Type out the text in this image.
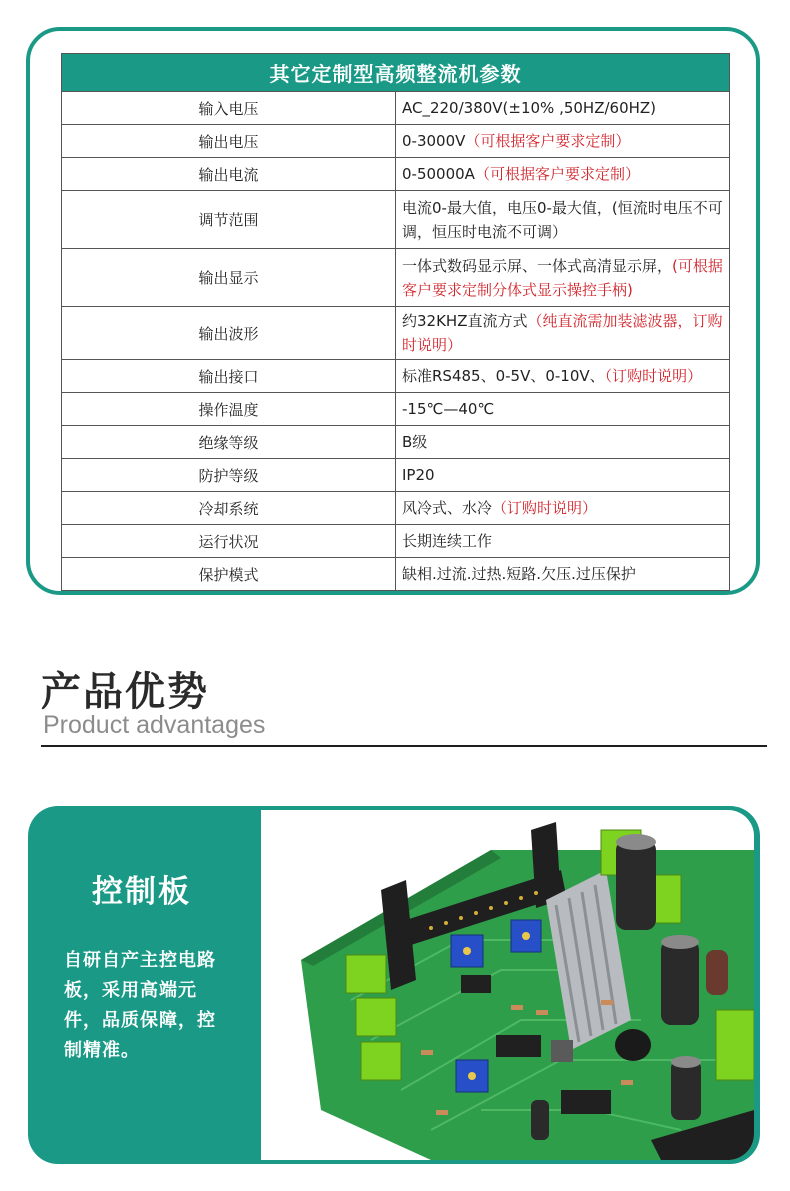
其它定制型高频整流机参数	
输入电压	AC_220/380V(±10% ,50HZ/60HZ)
输出电压	0-3000V（可根据客户要求定制）
输出电流	0-50000A（可根据客户要求定制）
调节范围	电流0-最大值，电压0-最大值，(恒流时电压不可调，恒压时电流不可调）
输出显示	一体式数码显示屏、一体式高清显示屏，(可根据客户要求定制分体式显示操控手柄)
输出波形	约32KHZ直流方式（纯直流需加装滤波器，订购时说明）
输出接口	标准RS485、0-5V、0-10V、（订购时说明）
操作温度	-15℃—40℃
绝缘等级	B级
防护等级	IP20
冷却系统	风冷式、水冷（订购时说明）
运行状况	长期连续工作
保护模式	缺相.过流.过热.短路.欠压.过压保护
产品优势
Product advantages
控制板
自研自产主控电路板，采用高端元件，品质保障，控制精准。
